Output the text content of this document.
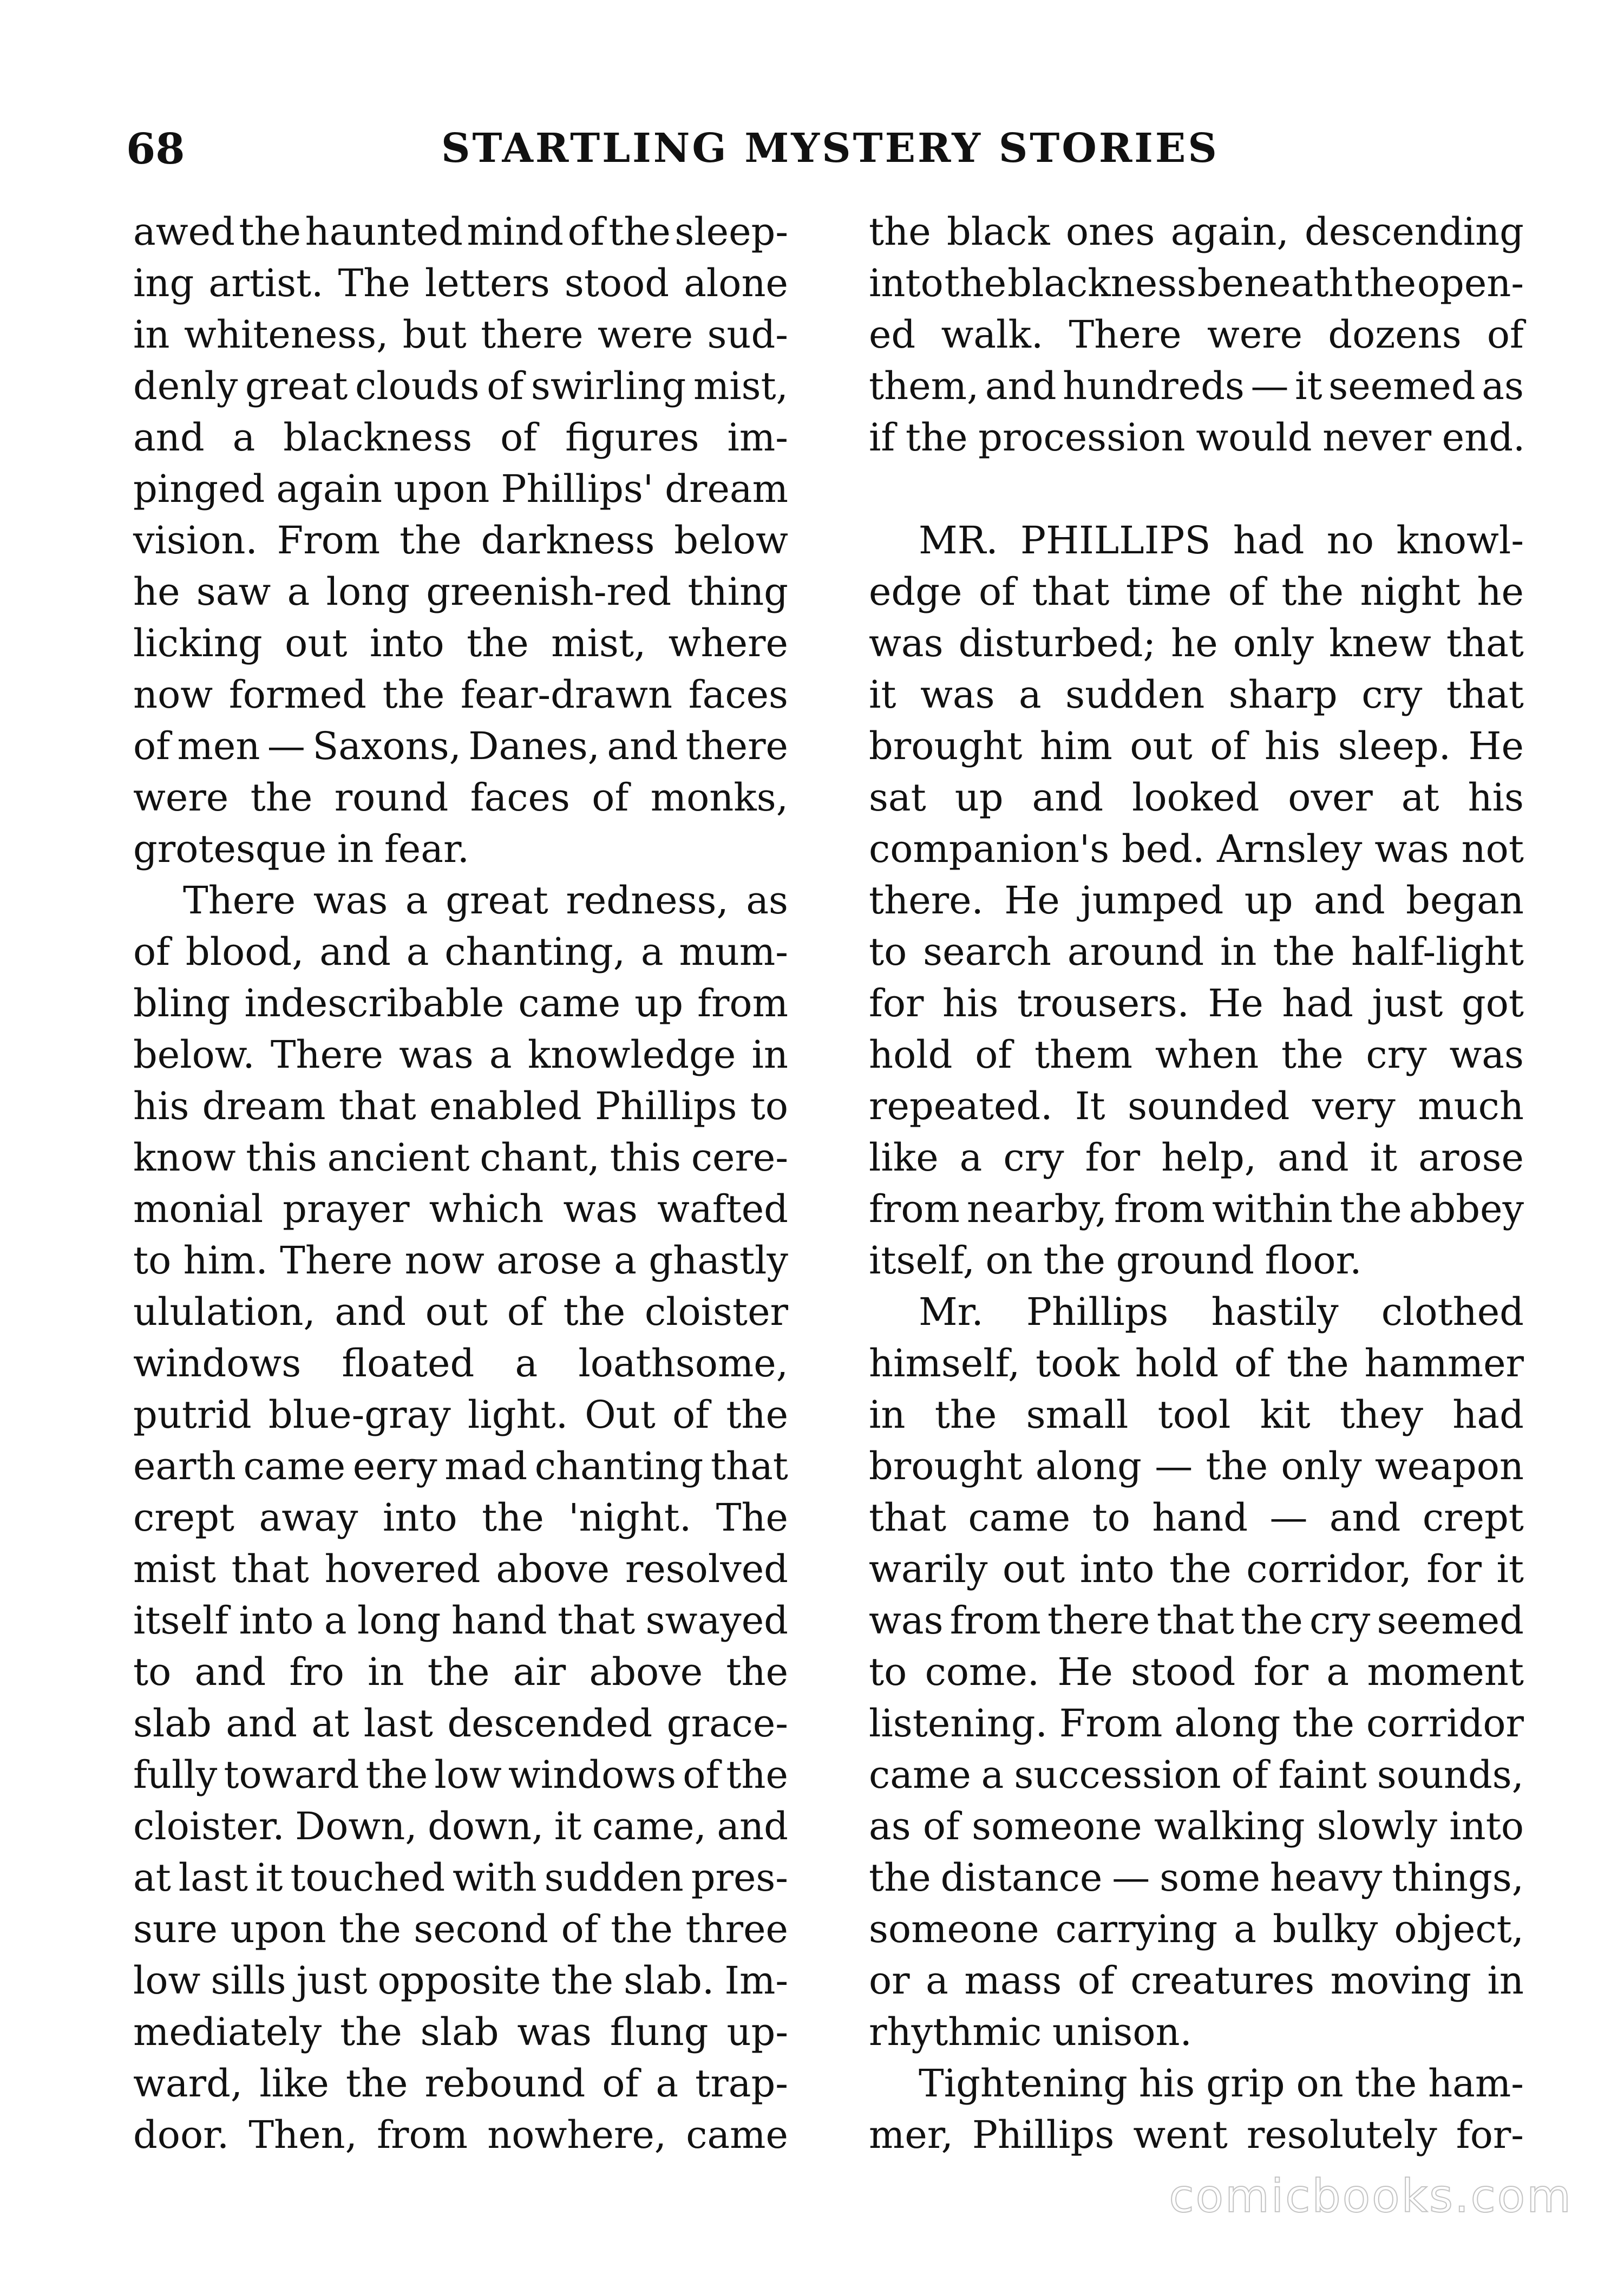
68	STARTLING MYSTERY STORIES
awed the haunted mind of the sleep-
ing artist. The letters stood alone
in whiteness, but there were sud-
denly great clouds of swirling mist,
and a blackness of figures im-
pinged again upon Phillips' dream
vision. From the darkness below
he saw a long greenish-red thing
licking out into the mist, where
now formed the fear-drawn faces
of men — Saxons, Danes, and there
were the round faces of monks,
grotesque in fear.
There was a great redness, as
of blood, and a chanting, a mum-
bling indescribable came up from
below. There was a knowledge in
his dream that enabled Phillips to
know this ancient chant, this cere-
monial prayer which was wafted
to him. There now arose a ghastly
ululation, and out of the cloister
windows floated a loathsome,
putrid blue-gray light. Out of the
earth came eery mad chanting that
crept away into the 'night. The
mist that hovered above resolved
itself into a long hand that swayed
to and fro in the air above the
slab and at last descended grace-
fully toward the low windows of the
cloister. Down, down, it came, and
at last it touched with sudden pres-
sure upon the second of the three
low sills just opposite the slab. Im-
mediately the slab was flung up-
ward, like the rebound of a trap-
door. Then, from nowhere, came
the black ones again, descending
into the blackness beneath the open-
ed walk. There were dozens of
them, and hundreds — it seemed as
if the procession would never end.
MR. PHILLIPS had no knowl-
edge of that time of the night he
was disturbed; he only knew that
it was a sudden sharp cry that
brought him out of his sleep. He
sat up and looked over at his
companion's bed. Arnsley was not
there. He jumped up and began
to search around in the half-light
for his trousers. He had just got
hold of them when the cry was
repeated. It sounded very much
like a cry for help, and it arose
from nearby, from within the abbey
itself, on the ground floor.
Mr. Phillips hastily clothed
himself, took hold of the hammer
in the small tool kit they had
brought along — the only weapon
that came to hand — and crept
warily out into the corridor, for it
was from there that the cry seemed
to come. He stood for a moment
listening. From along the corridor
came a succession of faint sounds,
as of someone walking slowly into
the distance — some heavy things,
someone carrying a bulky object,
or a mass of creatures moving in
rhythmic unison.
Tightening his grip on the ham-
mer, Phillips went resolutely for-
comicbooks.com
